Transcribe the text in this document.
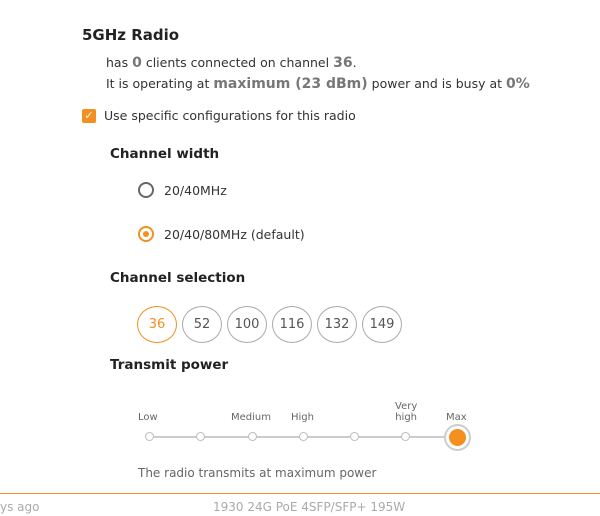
5GHz Radio
has 0 clients connected on channel 36.
It is operating at maximum (23 dBm) power and is busy at 0%
✓ Use specific configurations for this radio
Channel width
20/40MHz
20/40/80MHz (default)
Channel selection
36	52	100	116	132	149
Transmit power
Low	Medium High
Very
high	Max
The radio transmits at maximum power
ys ago	1930 24G PoE 4SFP/SFP+ 195W
